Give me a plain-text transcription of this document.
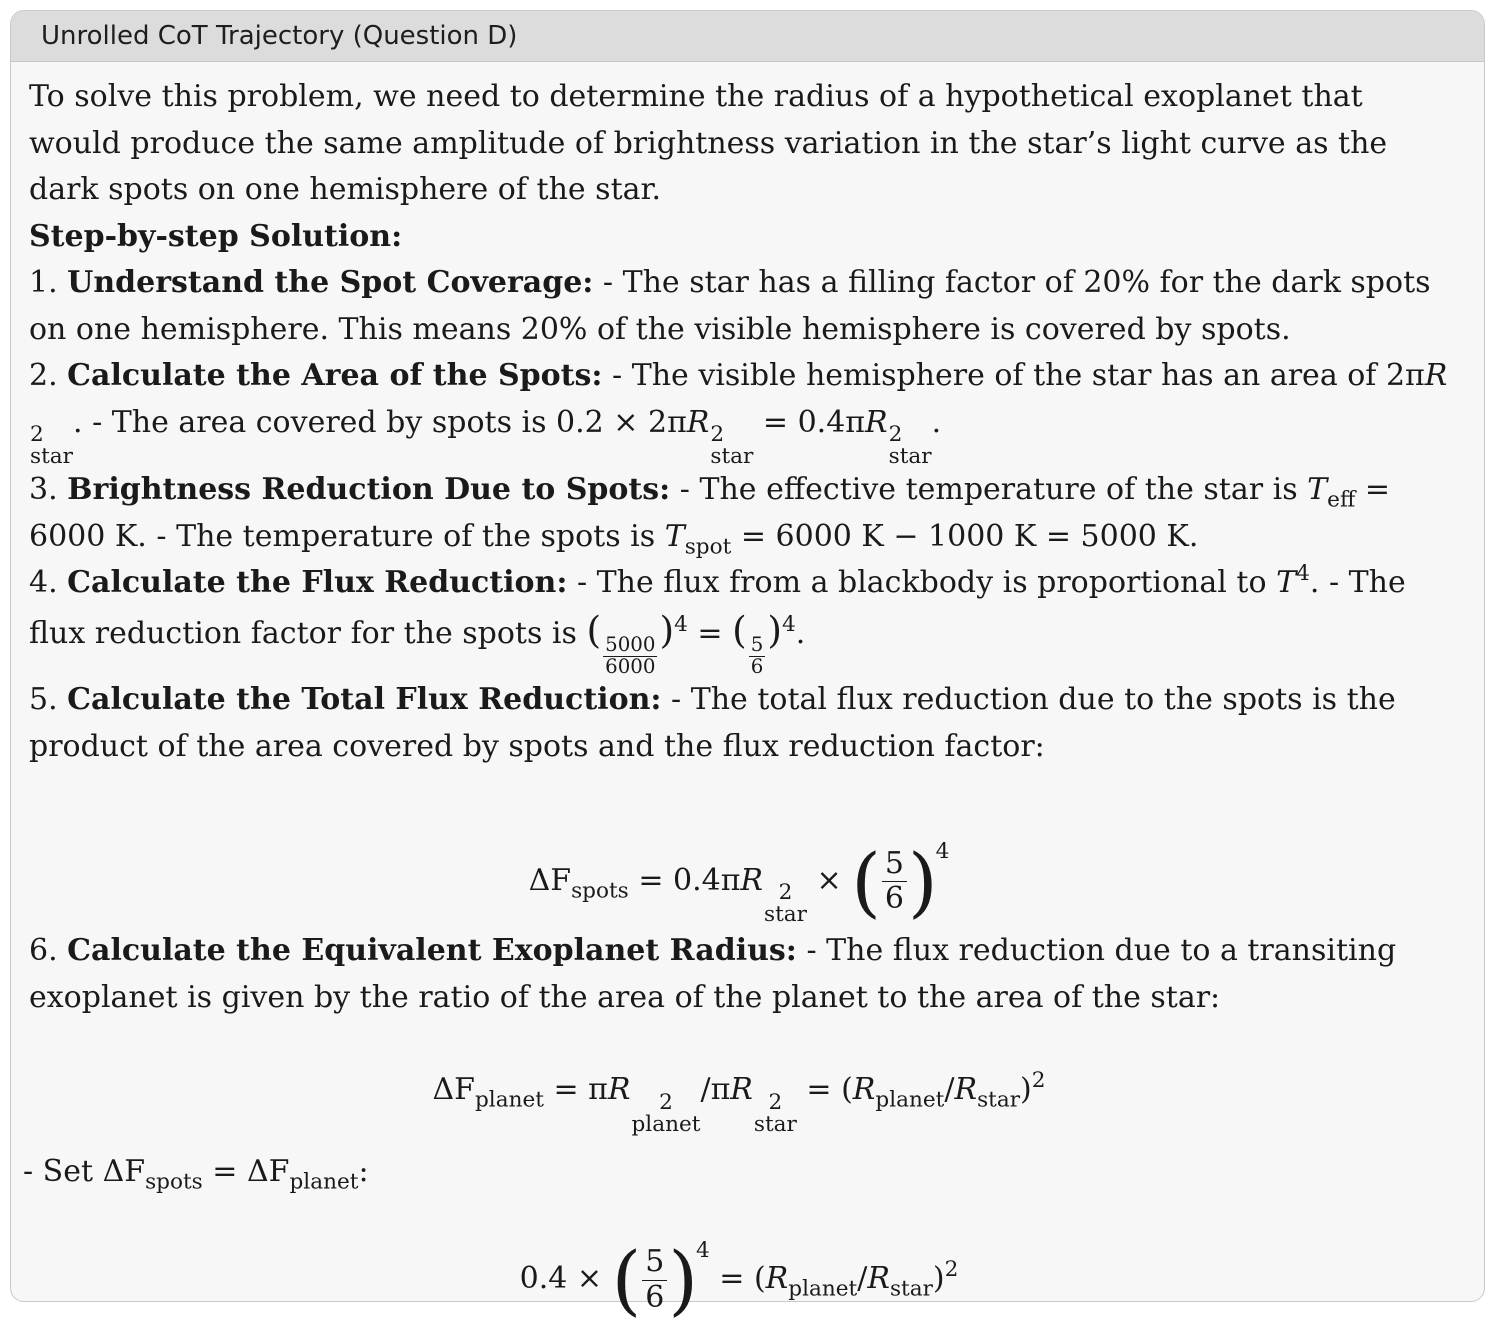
Unrolled CoT Trajectory (Question D)

To solve this problem, we need to determine the radius of a hypothetical exoplanet that would produce the same amplitude of brightness variation in the star’s light curve as the dark spots on one hemisphere of the star.

Step-by-step Solution:

1. Understand the Spot Coverage: - The star has a filling factor of 20% for the dark spots on one hemisphere. This means 20% of the visible hemisphere is covered by spots.

2. Calculate the Area of the Spots: - The visible hemisphere of the star has an area of 2πR
2
star
. - The area covered by spots is 0.2 × 2πR 2
star
= 0.4πR 2
star
.

3. Brightness Reduction Due to Spots: - The effective temperature of the star is $T_{eff} = 6000$ K. - The temperature of the spots is $T_{spot} = 6000$ K − 1000 K = 5000 K.

4. Calculate the Flux Reduction: - The flux from a blackbody is proportional to $T^4$. - The flux reduction factor for the spots is (
$\frac{5000}{6000}$
)$^4$ = (
$\frac{5}{6}$
)$^4$.

5. Calculate the Total Flux Reduction: - The total flux reduction due to the spots is the product of the area covered by spots and the flux reduction factor:

$\Delta F_{spots} = 0.4\pi R$ 2
star
× ( $\frac{5}{6} )^4$

6. Calculate the Equivalent Exoplanet Radius: - The flux reduction due to a transiting exoplanet is given by the ratio of the area of the planet to the area of the star:

$\Delta F_{planet} = \pi R$	2
planet
/πR 2
star
= $(R_{planet}/R_{star})^2$

- Set $\Delta F_{spots} = \Delta F_{planet}$:

0.4 × ( $\frac{5}{6} )^4 = (R_{planet}/R_{star})^2$
